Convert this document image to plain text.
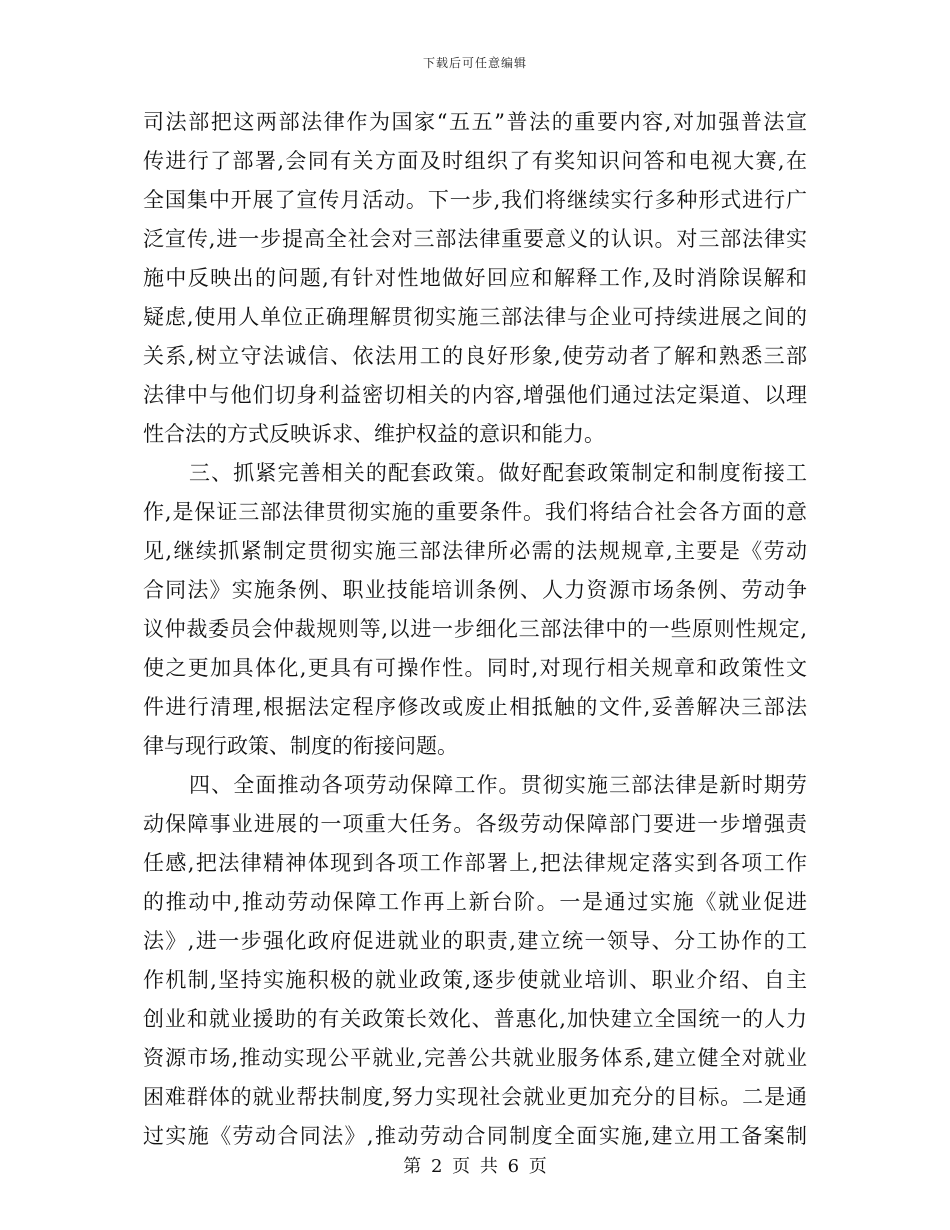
下载后可任意编辑
司法部把这两部法律作为国家“五五”普法的重要内容,对加强普法宣
传进行了部署,会同有关方面及时组织了有奖知识问答和电视大赛,在
全国集中开展了宣传月活动。下一步,我们将继续实行多种形式进行广
泛宣传,进一步提高全社会对三部法律重要意义的认识。对三部法律实
施中反映出的问题,有针对性地做好回应和解释工作,及时消除误解和
疑虑,使用人单位正确理解贯彻实施三部法律与企业可持续进展之间的
关系,树立守法诚信、依法用工的良好形象,使劳动者了解和熟悉三部
法律中与他们切身利益密切相关的内容,增强他们通过法定渠道、以理
性合法的方式反映诉求、维护权益的意识和能力。
三、抓紧完善相关的配套政策。做好配套政策制定和制度衔接工
作,是保证三部法律贯彻实施的重要条件。我们将结合社会各方面的意
见,继续抓紧制定贯彻实施三部法律所必需的法规规章,主要是《劳动
合同法》实施条例、职业技能培训条例、人力资源市场条例、劳动争
议仲裁委员会仲裁规则等,以进一步细化三部法律中的一些原则性规定,
使之更加具体化,更具有可操作性。同时,对现行相关规章和政策性文
件进行清理,根据法定程序修改或废止相抵触的文件,妥善解决三部法
律与现行政策、制度的衔接问题。
四、全面推动各项劳动保障工作。贯彻实施三部法律是新时期劳
动保障事业进展的一项重大任务。各级劳动保障部门要进一步增强责
任感,把法律精神体现到各项工作部署上,把法律规定落实到各项工作
的推动中,推动劳动保障工作再上新台阶。一是通过实施《就业促进
法》,进一步强化政府促进就业的职责,建立统一领导、分工协作的工
作机制,坚持实施积极的就业政策,逐步使就业培训、职业介绍、自主
创业和就业援助的有关政策长效化、普惠化,加快建立全国统一的人力
资源市场,推动实现公平就业,完善公共就业服务体系,建立健全对就业
困难群体的就业帮扶制度,努力实现社会就业更加充分的目标。二是通
过实施《劳动合同法》,推动劳动合同制度全面实施,建立用工备案制
第 2 页 共 6 页
